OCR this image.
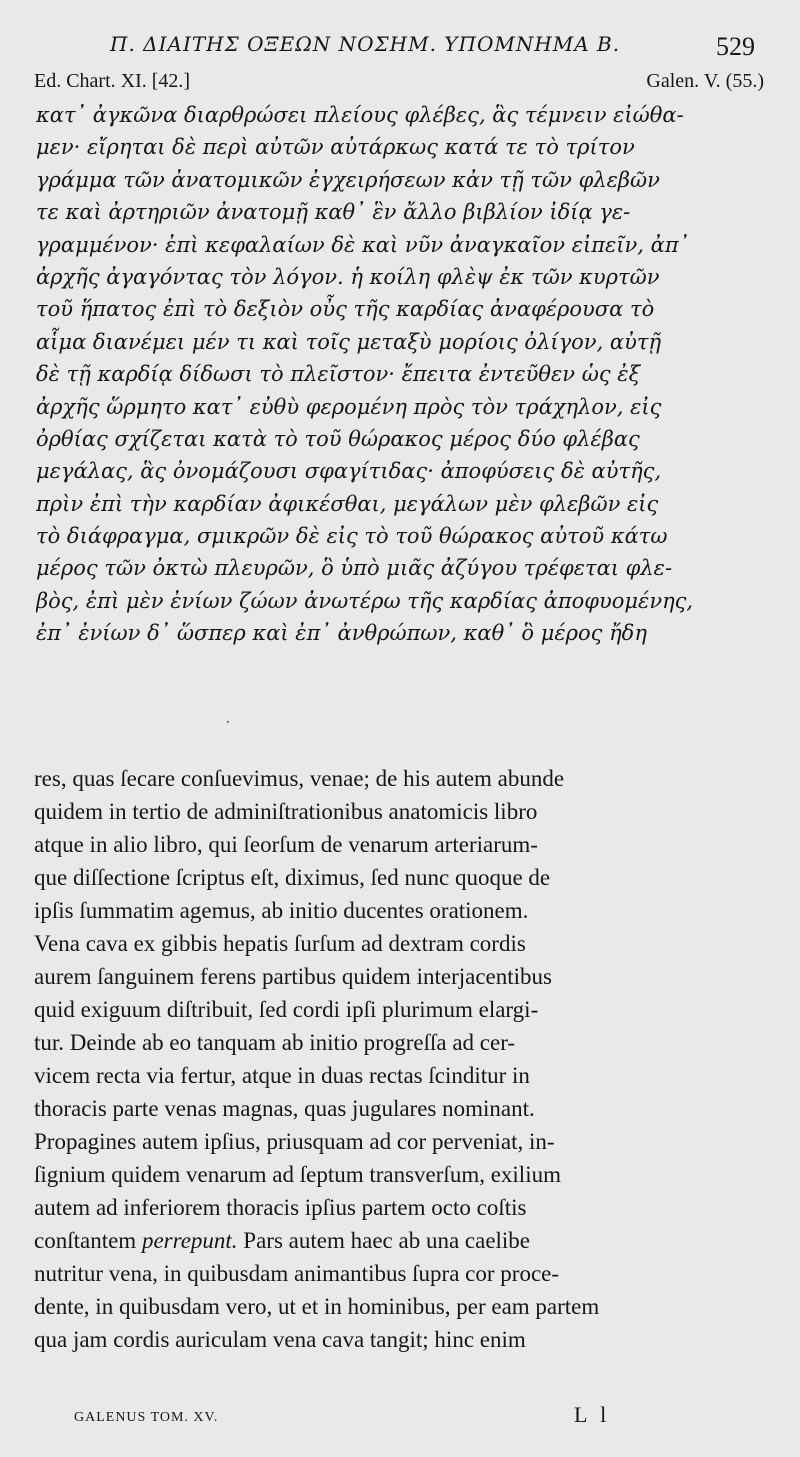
Π. ΔΙΑΙΤΗΣ ΟΞΕΩΝ ΝΟΣΗΜ. ΥΠΟΜΝΗΜΑ Β.	529
Ed. Chart. XI. [42.]	Galen. V. (55.)
κατ᾽ ἀγκῶνα διαρθρώσει πλείους φλέβες, ἃς τέμνειν εἰώθα-
μεν· εἴρηται δὲ περὶ αὐτῶν αὐτάρκως κατά τε τὸ τρίτον
γράμμα τῶν ἀνατομικῶν ἐγχειρήσεων κἀν τῇ τῶν φλεβῶν
τε καὶ ἀρτηριῶν ἀνατομῇ καθ᾽ ἓν ἄλλο βιβλίον ἰδίᾳ γε-
γραμμένον· ἐπὶ κεφαλαίων δὲ καὶ νῦν ἀναγκαῖον εἰπεῖν, ἀπ᾽
ἀρχῆς ἀγαγόντας τὸν λόγον. ἡ κοίλη φλὲψ ἐκ τῶν κυρτῶν
τοῦ ἥπατος ἐπὶ τὸ δεξιὸν οὖς τῆς καρδίας ἀναφέρουσα τὸ
αἷμα διανέμει μέν τι καὶ τοῖς μεταξὺ μορίοις ὀλίγον, αὐτῇ
δὲ τῇ καρδίᾳ δίδωσι τὸ πλεῖστον· ἔπειτα ἐντεῦθεν ὡς ἐξ
ἀρχῆς ὥρμητο κατ᾽ εὐθὺ φερομένη πρὸς τὸν τράχηλον, εἰς
ὀρθίας σχίζεται κατὰ τὸ τοῦ θώρακος μέρος δύο φλέβας
μεγάλας, ἃς ὀνομάζουσι σφαγίτιδας· ἀποφύσεις δὲ αὐτῆς,
πρὶν ἐπὶ τὴν καρδίαν ἀφικέσθαι, μεγάλων μὲν φλεβῶν εἰς
τὸ διάφραγμα, σμικρῶν δὲ εἰς τὸ τοῦ θώρακος αὐτοῦ κάτω
μέρος τῶν ὀκτὼ πλευρῶν, ὃ ὑπὸ μιᾶς ἀζύγου τρέφεται φλε-
βὸς, ἐπὶ μὲν ἐνίων ζώων ἀνωτέρω τῆς καρδίας ἀποφυομένης,
ἐπ᾽ ἐνίων δ᾽ ὥσπερ καὶ ἐπ᾽ ἀνθρώπων, καθ᾽ ὃ μέρος ἤδη
·
res, quas ſecare conſuevimus, venae; de his autem abunde
quidem in tertio de adminiſtrationibus anatomicis libro
atque in alio libro, qui ſeorſum de venarum arteriarum-
que diſſectione ſcriptus eſt, diximus, ſed nunc quoque de
ipſis ſummatim agemus, ab initio ducentes orationem.
Vena cava ex gibbis hepatis ſurſum ad dextram cordis
aurem ſanguinem ferens partibus quidem interjacentibus
quid exiguum diſtribuit, ſed cordi ipſi plurimum elargi-
tur. Deinde ab eo tanquam ab initio progreſſa ad cer-
vicem recta via fertur, atque in duas rectas ſcinditur in
thoracis parte venas magnas, quas jugulares nominant.
Propagines autem ipſius, priusquam ad cor perveniat, in-
ſignium quidem venarum ad ſeptum transverſum, exilium
autem ad inferiorem thoracis ipſius partem octo coſtis
conſtantem perrepunt. Pars autem haec ab una caelibe
nutritur vena, in quibusdam animantibus ſupra cor proce-
dente, in quibusdam vero, ut et in hominibus, per eam partem
qua jam cordis auriculam vena cava tangit; hinc enim
GALENUS TOM. XV.	L l
